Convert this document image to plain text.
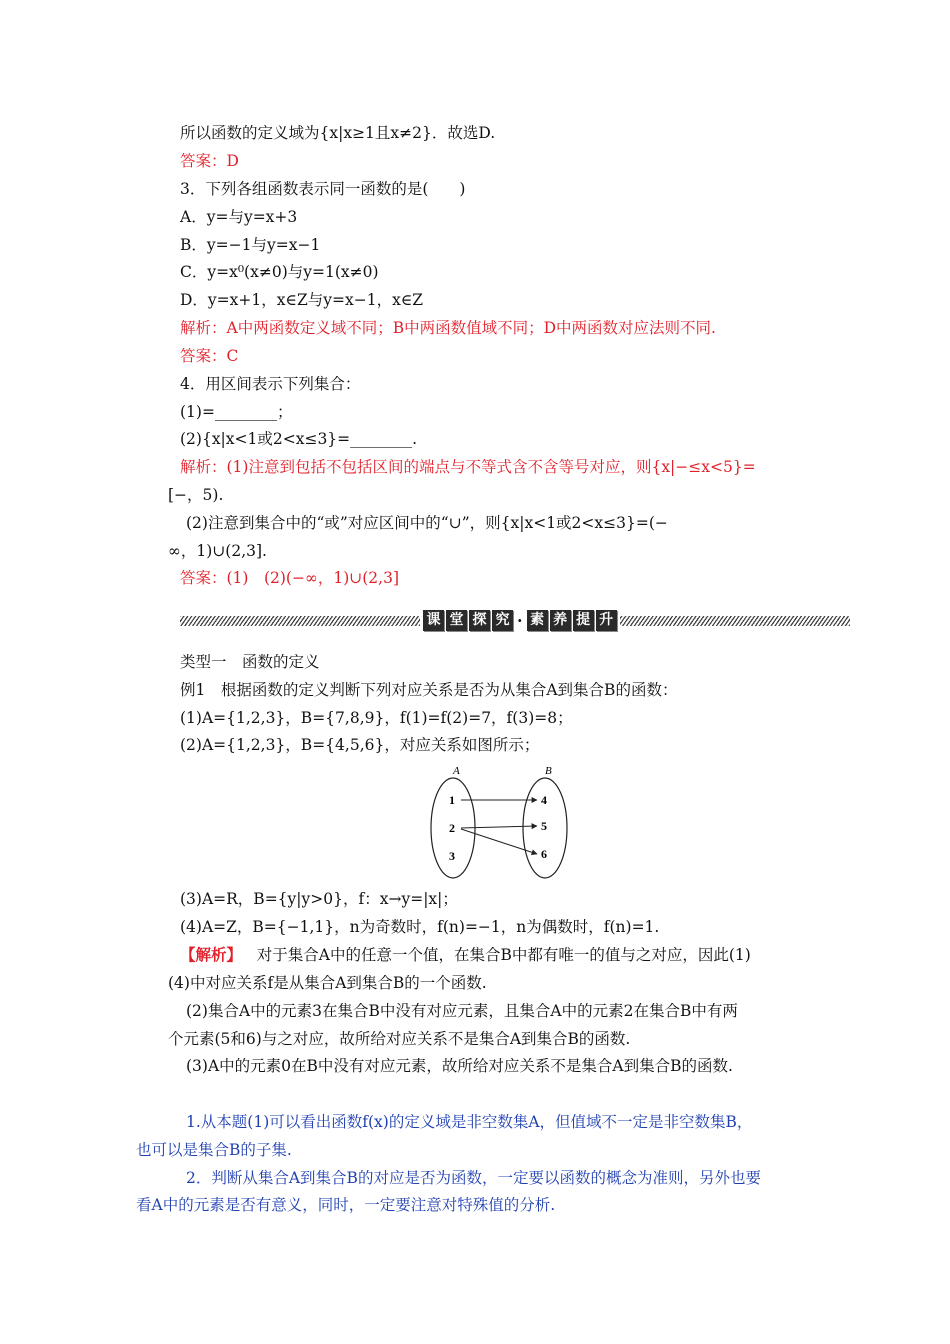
所以函数的定义域为{x|x≥1且x≠2}．故选D.
答案：D
3．下列各组函数表示同一函数的是(　　)
A．y=与y=x+3
B．y=−1与y=x−1
C．y=x⁰(x≠0)与y=1(x≠0)
D．y=x+1，x∈Z与y=x−1，x∈Z
解析：A中两函数定义域不同；B中两函数值域不同；D中两函数对应法则不同.
答案：C
4．用区间表示下列集合：
(1)=________；
(2){x|x<1或2<x≤3}=________.
解析：(1)注意到包括不包括区间的端点与不等式含不含等号对应，则{x|−≤x<5}=
[−，5).
(2)注意到集合中的“或”对应区间中的“∪”，则{x|x<1或2<x≤3}=(−
∞，1)∪(2,3].
答案：(1)　(2)(−∞，1)∪(2,3]
课 堂 探 究 · 素 养 提 升
类型一　函数的定义
例1　根据函数的定义判断下列对应关系是否为从集合A到集合B的函数：
(1)A={1,2,3}，B={7,8,9}，f(1)=f(2)=7，f(3)=8；
(2)A={1,2,3}，B={4,5,6}，对应关系如图所示；
A	B
1
2
3
4
5
6
(3)A=R，B={y|y>0}，f：x→y=|x|；
(4)A=Z，B={−1,1}，n为奇数时，f(n)=−1，n为偶数时，f(n)=1.
【解析】 对于集合A中的任意一个值，在集合B中都有唯一的值与之对应，因此(1)
(4)中对应关系f是从集合A到集合B的一个函数.
(2)集合A中的元素3在集合B中没有对应元素，且集合A中的元素2在集合B中有两
个元素(5和6)与之对应，故所给对应关系不是集合A到集合B的函数.
(3)A中的元素0在B中没有对应元素，故所给对应关系不是集合A到集合B的函数.
1.从本题(1)可以看出函数f(x)的定义域是非空数集A，但值域不一定是非空数集B，
也可以是集合B的子集.
2．判断从集合A到集合B的对应是否为函数，一定要以函数的概念为准则，另外也要
看A中的元素是否有意义，同时，一定要注意对特殊值的分析.
